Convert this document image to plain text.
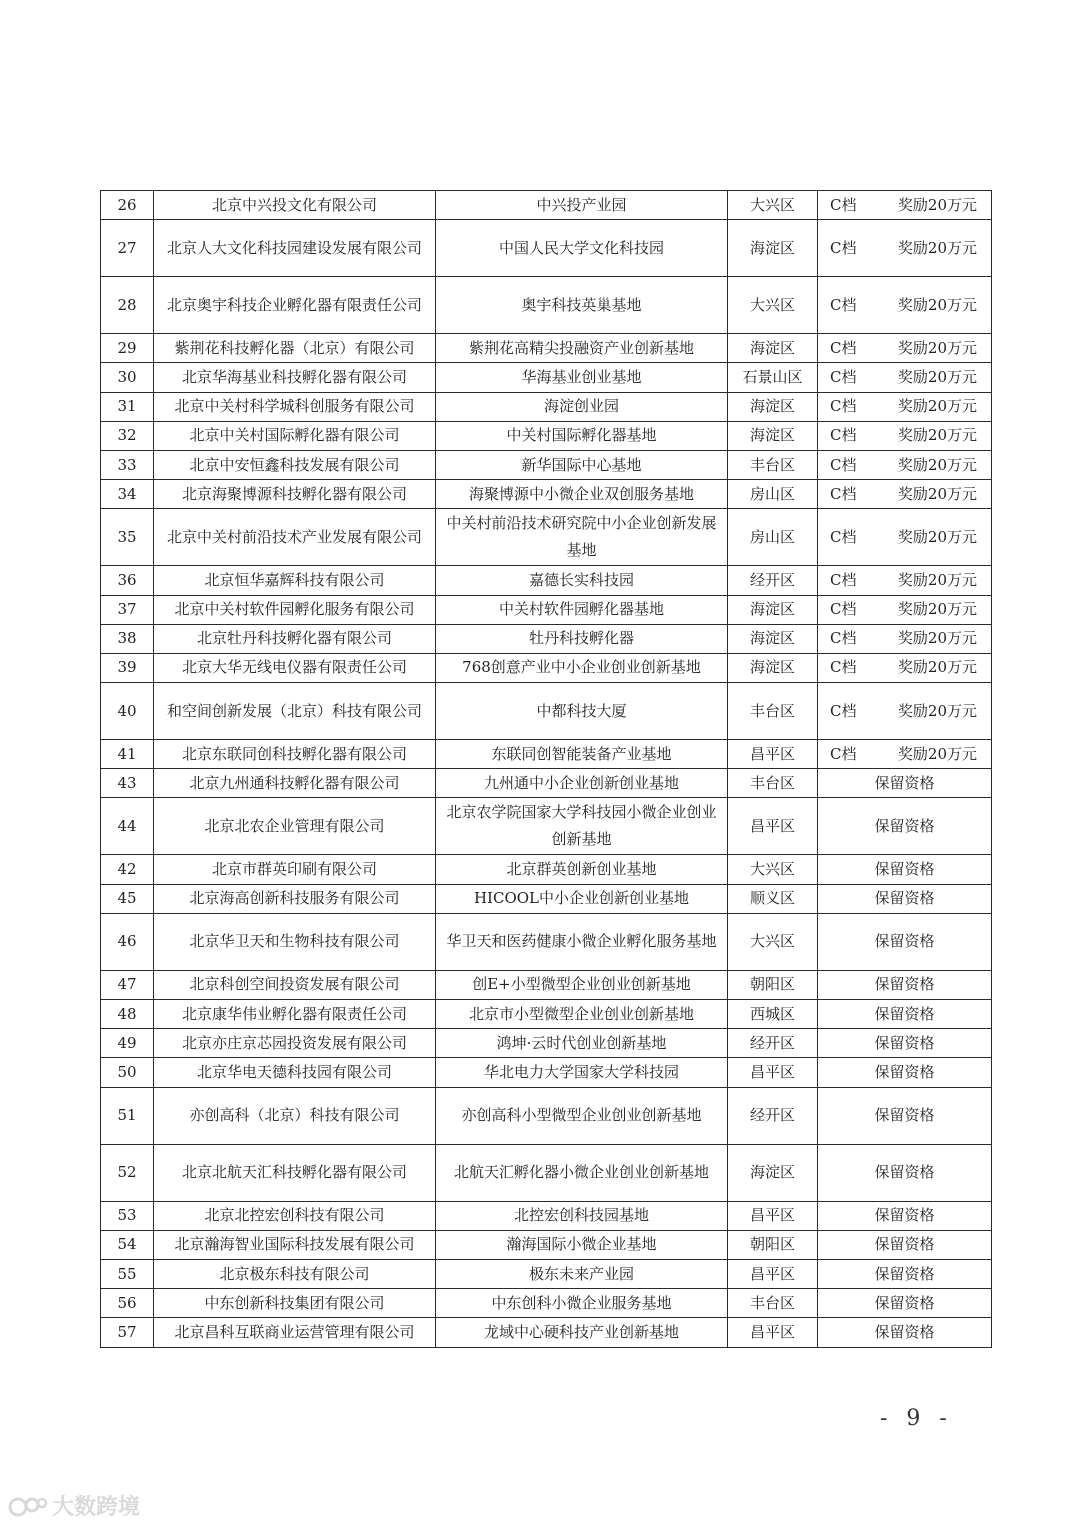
26	北京中兴投文化有限公司	中兴投产业园	大兴区	C档 奖励20万元

27	北京人大文化科技园建设发展有限公司	中国人民大学文化科技园	海淀区	C档 奖励20万元

28	北京奥宇科技企业孵化器有限责任公司	奥宇科技英巢基地	大兴区	C档 奖励20万元

29	紫荆花科技孵化器（北京）有限公司	紫荆花高精尖投融资产业创新基地	海淀区	C档 奖励20万元

30	北京华海基业科技孵化器有限公司	华海基业创业基地	石景山区	C档 奖励20万元

31	北京中关村科学城科创服务有限公司	海淀创业园	海淀区	C档 奖励20万元

32	北京中关村国际孵化器有限公司	中关村国际孵化器基地	海淀区	C档 奖励20万元

33	北京中安恒鑫科技发展有限公司	新华国际中心基地	丰台区	C档 奖励20万元

34	北京海聚博源科技孵化器有限公司	海聚博源中小微企业双创服务基地	房山区	C档 奖励20万元

35	北京中关村前沿技术产业发展有限公司	中关村前沿技术研究院中小企业创新发展基地	房山区	C档 奖励20万元

36	北京恒华嘉辉科技有限公司	嘉德长实科技园	经开区	C档 奖励20万元

37	北京中关村软件园孵化服务有限公司	中关村软件园孵化器基地	海淀区	C档 奖励20万元

38	北京牡丹科技孵化器有限公司	牡丹科技孵化器	海淀区	C档 奖励20万元

39	北京大华无线电仪器有限责任公司	768创意产业中小企业创业创新基地	海淀区	C档 奖励20万元

40	和空间创新发展（北京）科技有限公司	中都科技大厦	丰台区	C档 奖励20万元

41	北京东联同创科技孵化器有限公司	东联同创智能装备产业基地	昌平区	C档 奖励20万元

43	北京九州通科技孵化器有限公司	九州通中小企业创新创业基地	丰台区	保留资格
44	北京北农企业管理有限公司	北京农学院国家大学科技园小微企业创业创新基地	昌平区	保留资格
42	北京市群英印刷有限公司	北京群英创新创业基地	大兴区	保留资格
45	北京海高创新科技服务有限公司	HICOOL中小企业创新创业基地	顺义区	保留资格
46	北京华卫天和生物科技有限公司	华卫天和医药健康小微企业孵化服务基地	大兴区	保留资格
47	北京科创空间投资发展有限公司	创E+小型微型企业创业创新基地	朝阳区	保留资格
48	北京康华伟业孵化器有限责任公司	北京市小型微型企业创业创新基地	西城区	保留资格
49	北京亦庄京芯园投资发展有限公司	鸿坤·云时代创业创新基地	经开区	保留资格
50	北京华电天德科技园有限公司	华北电力大学国家大学科技园	昌平区	保留资格
51	亦创高科（北京）科技有限公司	亦创高科小型微型企业创业创新基地	经开区	保留资格
52	北京北航天汇科技孵化器有限公司	北航天汇孵化器小微企业创业创新基地	海淀区	保留资格
53	北京北控宏创科技有限公司	北控宏创科技园基地	昌平区	保留资格
54	北京瀚海智业国际科技发展有限公司	瀚海国际小微企业基地	朝阳区	保留资格
55	北京极东科技有限公司	极东未来产业园	昌平区	保留资格
56	中东创新科技集团有限公司	中东创科小微企业服务基地	丰台区	保留资格
57	北京昌科互联商业运营管理有限公司	龙域中心硬科技产业创新基地	昌平区	保留资格
- 9 -
大数跨境
